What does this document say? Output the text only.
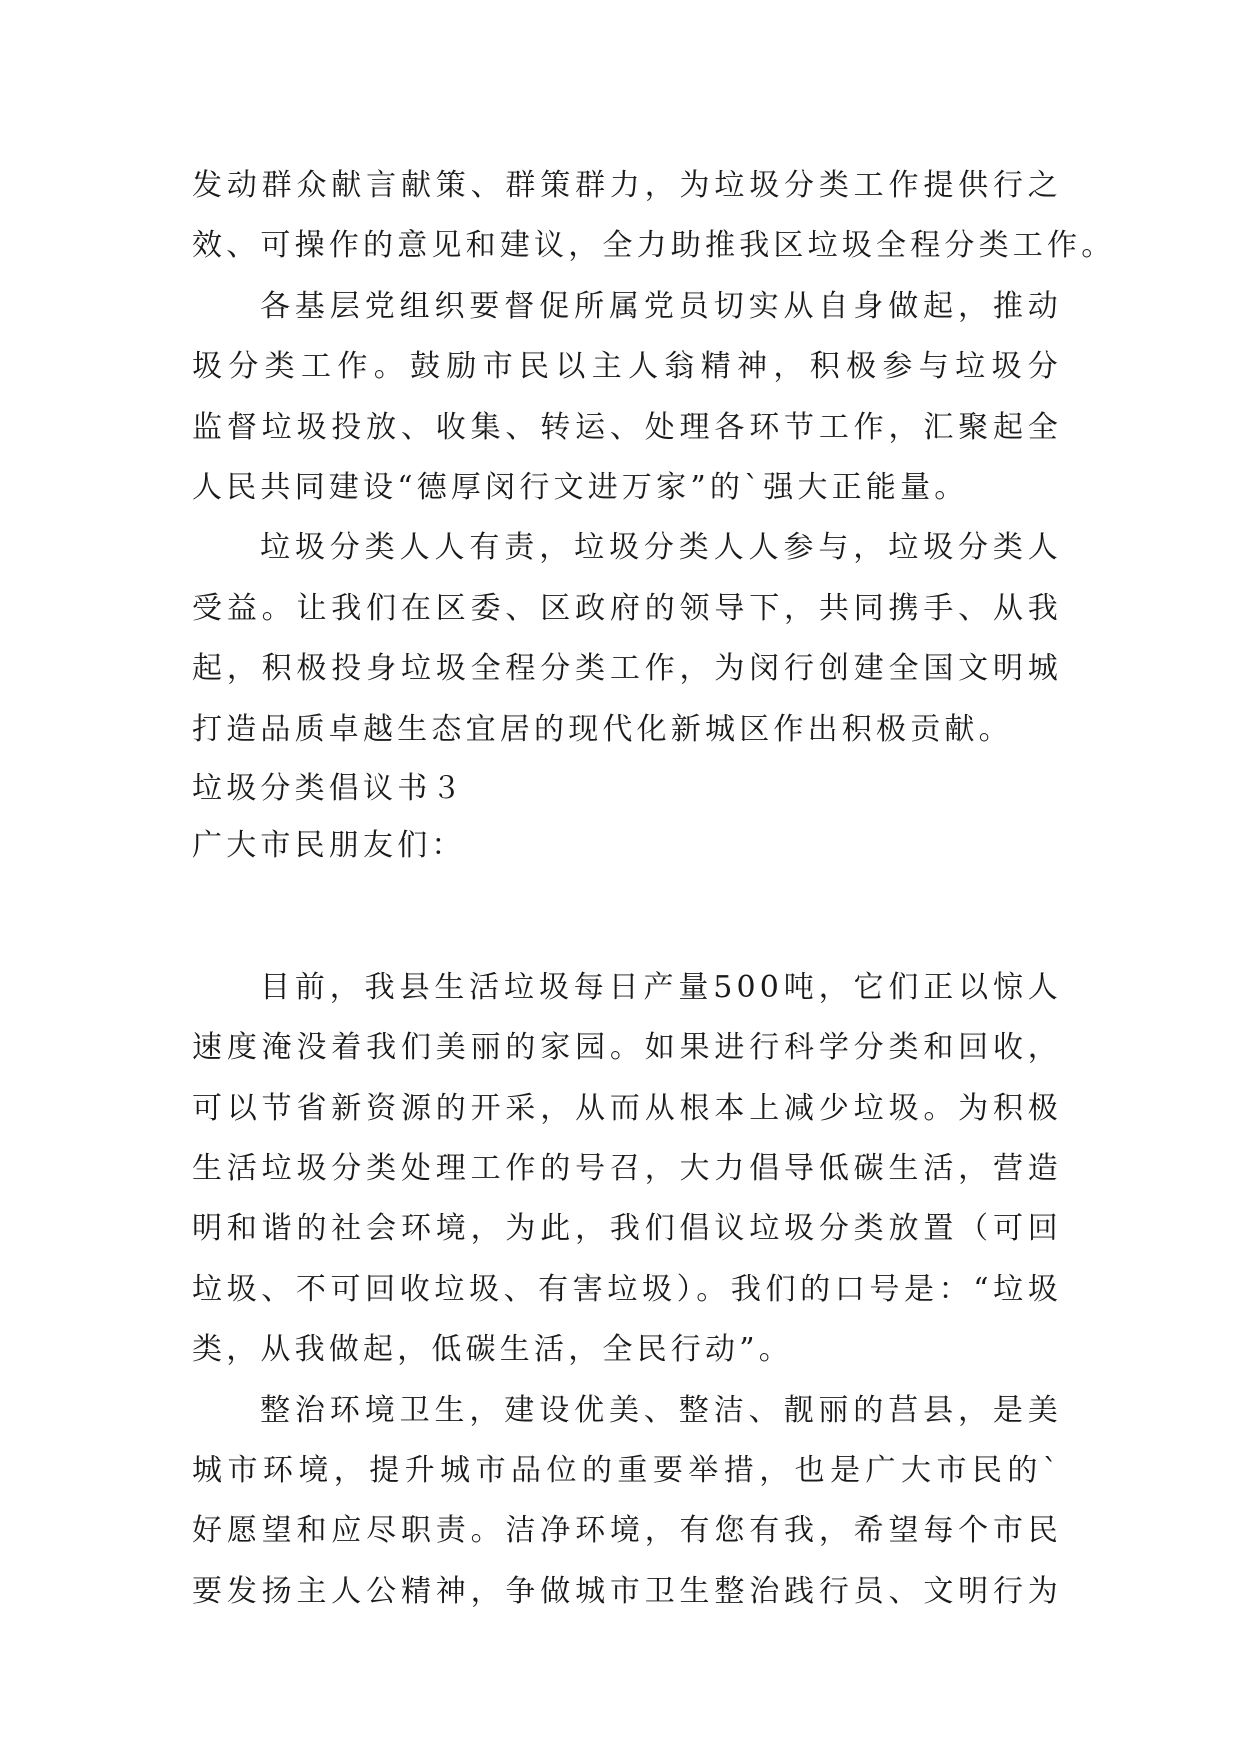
发动群众献言献策、群策群力，为垃圾分类工作提供行之
效、可操作的意见和建议，全力助推我区垃圾全程分类工作。
各基层党组织要督促所属党员切实从自身做起，推动
圾分类工作。鼓励市民以主人翁精神，积极参与垃圾分
监督垃圾投放、收集、转运、处理各环节工作，汇聚起全
人民共同建设“德厚闵行文进万家”的`强大正能量。
垃圾分类人人有责，垃圾分类人人参与，垃圾分类人
受益。让我们在区委、区政府的领导下，共同携手、从我
起，积极投身垃圾全程分类工作，为闵行创建全国文明城
打造品质卓越生态宜居的现代化新城区作出积极贡献。
垃圾分类倡议书３
广大市民朋友们：
目前，我县生活垃圾每日产量500吨，它们正以惊人
速度淹没着我们美丽的家园。如果进行科学分类和回收，
可以节省新资源的开采，从而从根本上减少垃圾。为积极
生活垃圾分类处理工作的号召，大力倡导低碳生活，营造
明和谐的社会环境，为此，我们倡议垃圾分类放置（可回
垃圾、不可回收垃圾、有害垃圾）。我们的口号是：“垃圾
类，从我做起，低碳生活，全民行动”。
整治环境卫生，建设优美、整洁、靓丽的莒县，是美
城市环境，提升城市品位的重要举措，也是广大市民的`
好愿望和应尽职责。洁净环境，有您有我，希望每个市民
要发扬主人公精神，争做城市卫生整治践行员、文明行为
